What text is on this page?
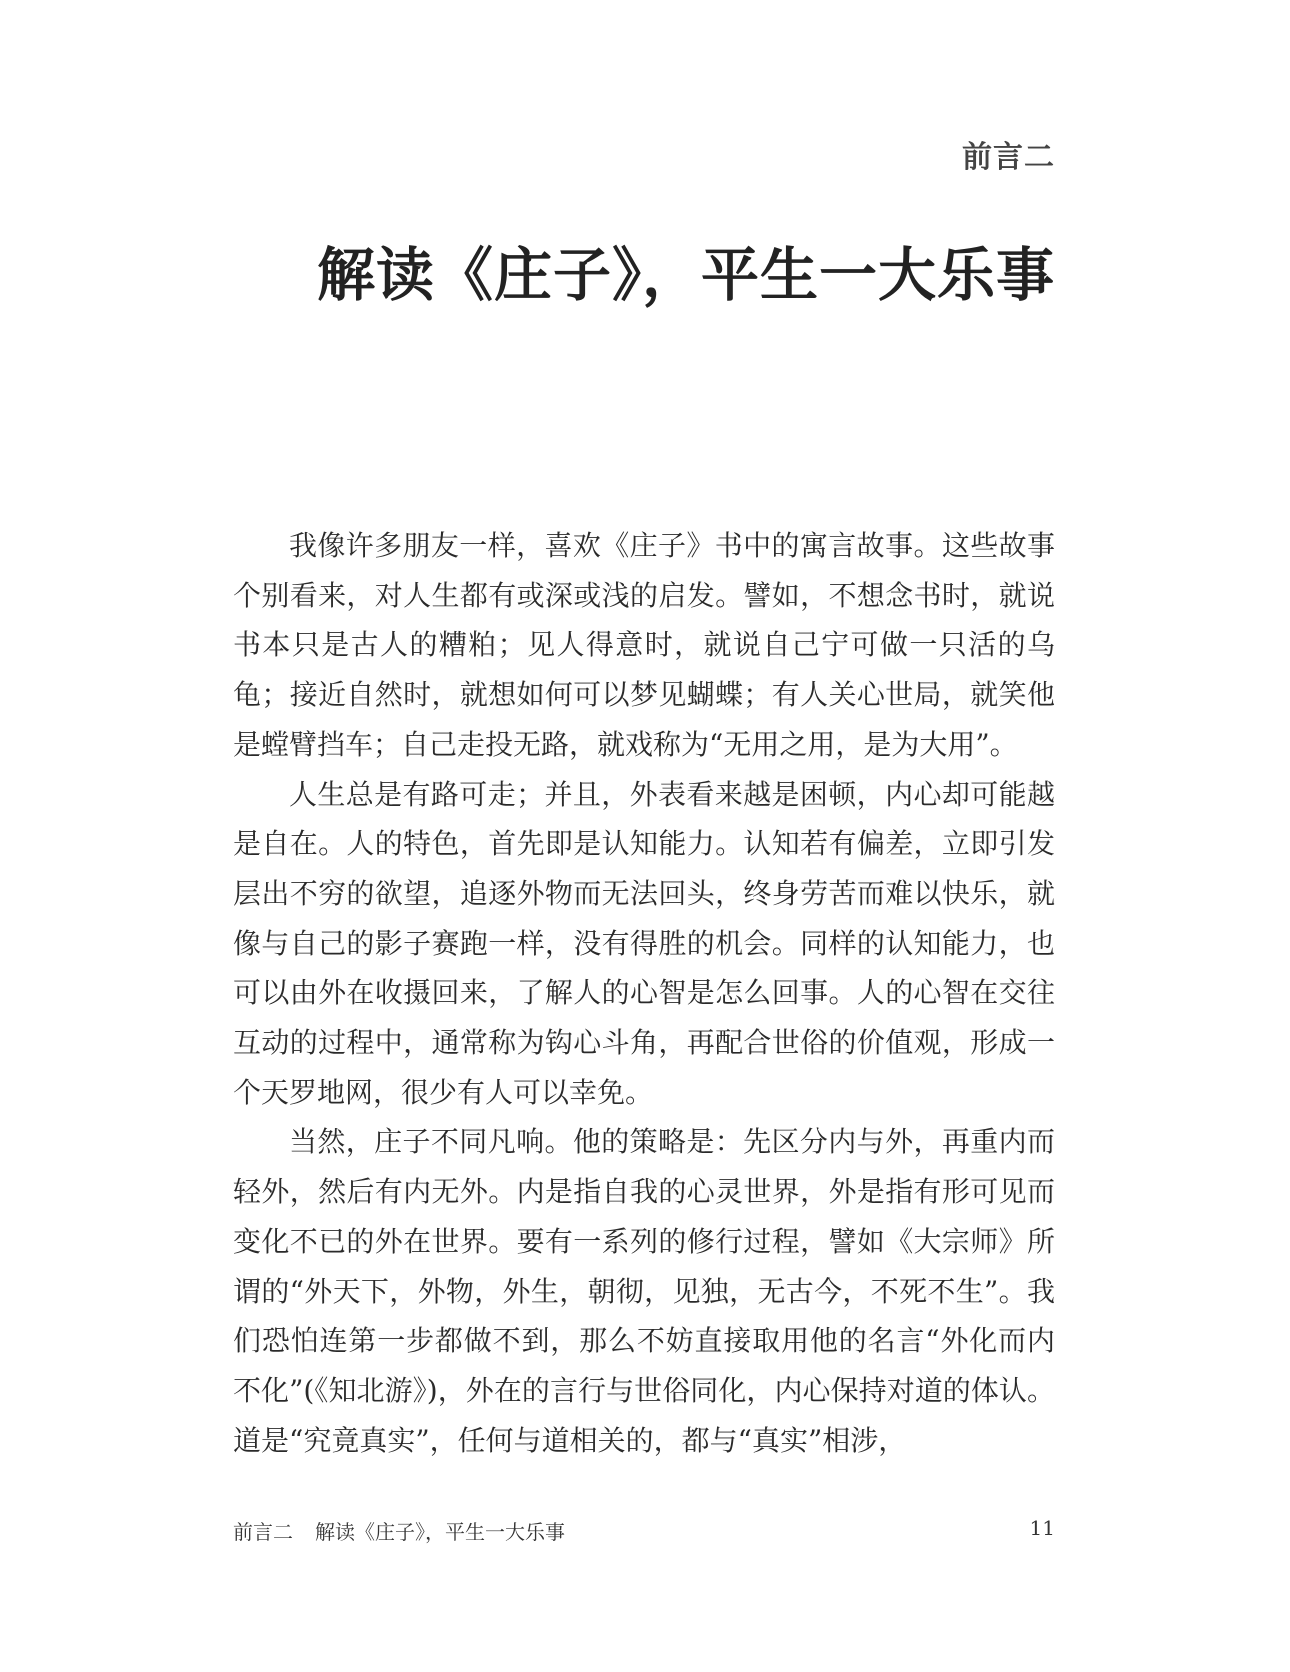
前言二
解读《庄子》，平生一大乐事

我像许多朋友一样，喜欢《庄子》书中的寓言故事。这些故事个别看来，对人生都有或深或浅的启发。譬如，不想念书时，就说书本只是古人的糟粕；见人得意时，就说自己宁可做一只活的乌龟；接近自然时，就想如何可以梦见蝴蝶；有人关心世局，就笑他是螳臂挡车；自己走投无路，就戏称为“无用之用，是为大用”。

人生总是有路可走；并且，外表看来越是困顿，内心却可能越是自在。人的特色，首先即是认知能力。认知若有偏差，立即引发层出不穷的欲望，追逐外物而无法回头，终身劳苦而难以快乐，就像与自己的影子赛跑一样，没有得胜的机会。同样的认知能力，也可以由外在收摄回来，了解人的心智是怎么回事。人的心智在交往互动的过程中，通常称为钩心斗角，再配合世俗的价值观，形成一个天罗地网，很少有人可以幸免。

当然，庄子不同凡响。他的策略是：先区分内与外，再重内而轻外，然后有内无外。内是指自我的心灵世界，外是指有形可见而变化不已的外在世界。要有一系列的修行过程，譬如《大宗师》所谓的“外天下，外物，外生，朝彻，见独，无古今，不死不生”。我们恐怕连第一步都做不到，那么不妨直接取用他的名言“外化而内不化”(《知北游》)，外在的言行与世俗同化，内心保持对道的体认。道是“究竟真实”，任何与道相关的，都与“真实”相涉，

前言二 解读《庄子》，平生一大乐事	11
